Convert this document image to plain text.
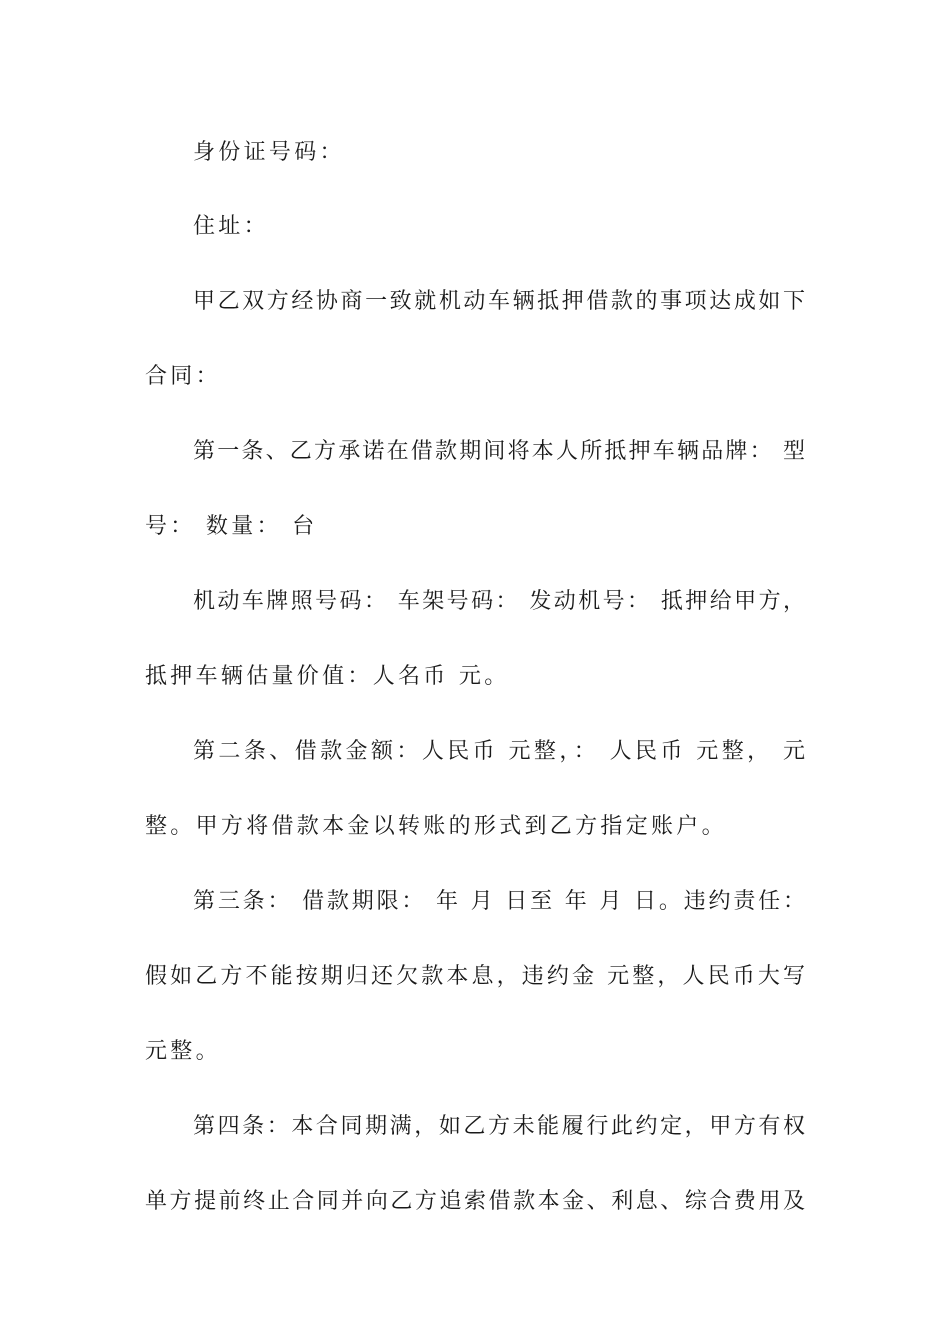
身份证号码：
住址：
甲乙双方经协商一致就机动车辆抵押借款的事项达成如下
合同：
第一条、乙方承诺在借款期间将本人所抵押车辆品牌： 型
号： 数量： 台
机动车牌照号码： 车架号码： 发动机号： 抵押给甲方，
抵押车辆估量价值：人名币 元。
第二条、借款金额：人民币 元整，： 人民币 元整， 元
整。甲方将借款本金以转账的形式到乙方指定账户。
第三条： 借款期限： 年 月 日至 年 月 日。违约责任：
假如乙方不能按期归还欠款本息，违约金 元整，人民币大写
元整。
第四条：本合同期满，如乙方未能履行此约定，甲方有权
单方提前终止合同并向乙方追索借款本金、利息、综合费用及
